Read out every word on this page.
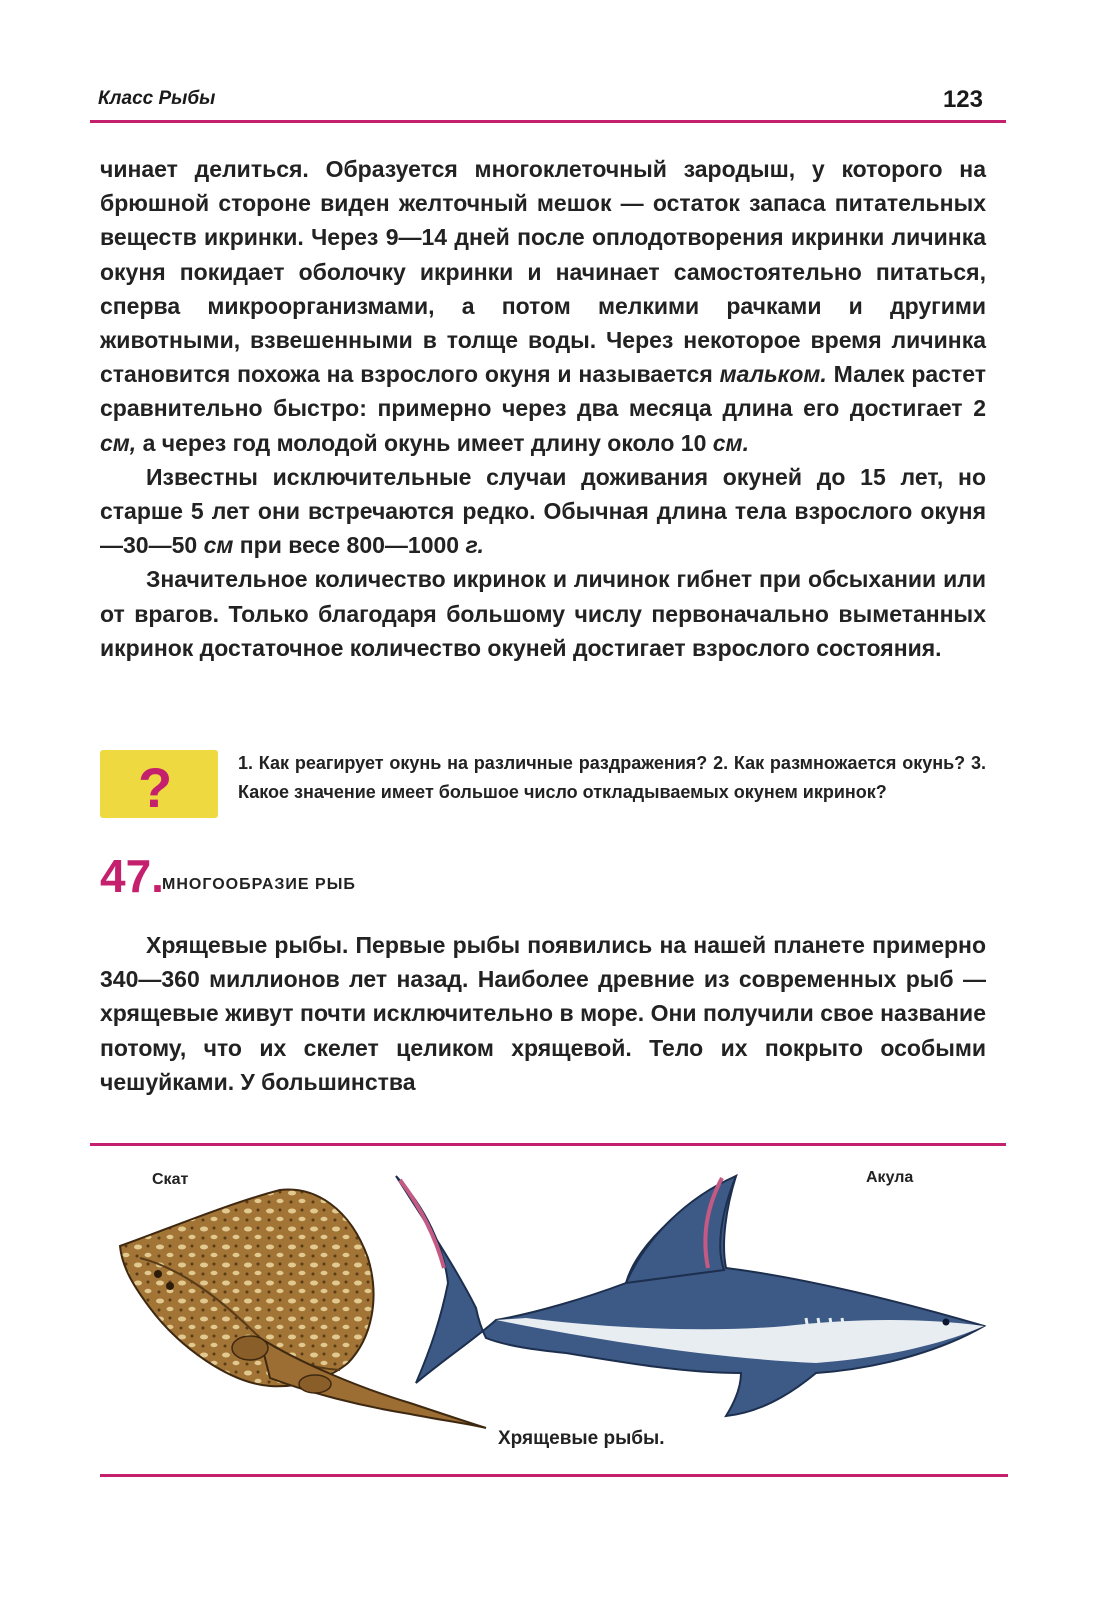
Класс Рыбы	123

чинает делиться. Образуется многоклеточный зародыш, у которого на брюшной стороне виден желточный мешок — остаток запаса питательных веществ икринки. Через 9—14 дней после оплодотворения икринки личинка окуня покидает оболочку икринки и начинает самостоятельно питаться, сперва микроорганизмами, а потом мелкими рачками и другими животными, взвешенными в толще воды. Через некоторое время личинка становится похожа на взрослого окуня и называется мальком. Малек растет сравнительно быстро: примерно через два месяца длина его достигает 2 см, а через год молодой окунь имеет длину около 10 см.

Известны исключительные случаи доживания окуней до 15 лет, но старше 5 лет они встречаются редко. Обычная длина тела взрослого окуня —30—50 см при весе 800—1000 г.

Значительное количество икринок и личинок гибнет при обсыхании или от врагов. Только благодаря большому числу первоначально выметанных икринок достаточное количество окуней достигает взрослого состояния.

?	1. Как реагирует окунь на различные раздражения? 2. Как размножается окунь? 3. Какое значение имеет большое число откладываемых окунем икринок?
47.
МНОГООБРАЗИЕ РЫБ

Хрящевые рыбы. Первые рыбы появились на нашей планете примерно 340—360 миллионов лет назад. Наиболее древние из современных рыб — хрящевые живут почти исключительно в море. Они получили свое название потому, что их скелет целиком хрящевой. Тело их покрыто особыми чешуйками. У большинства

Скат	Акула
Хрящевые рыбы.
